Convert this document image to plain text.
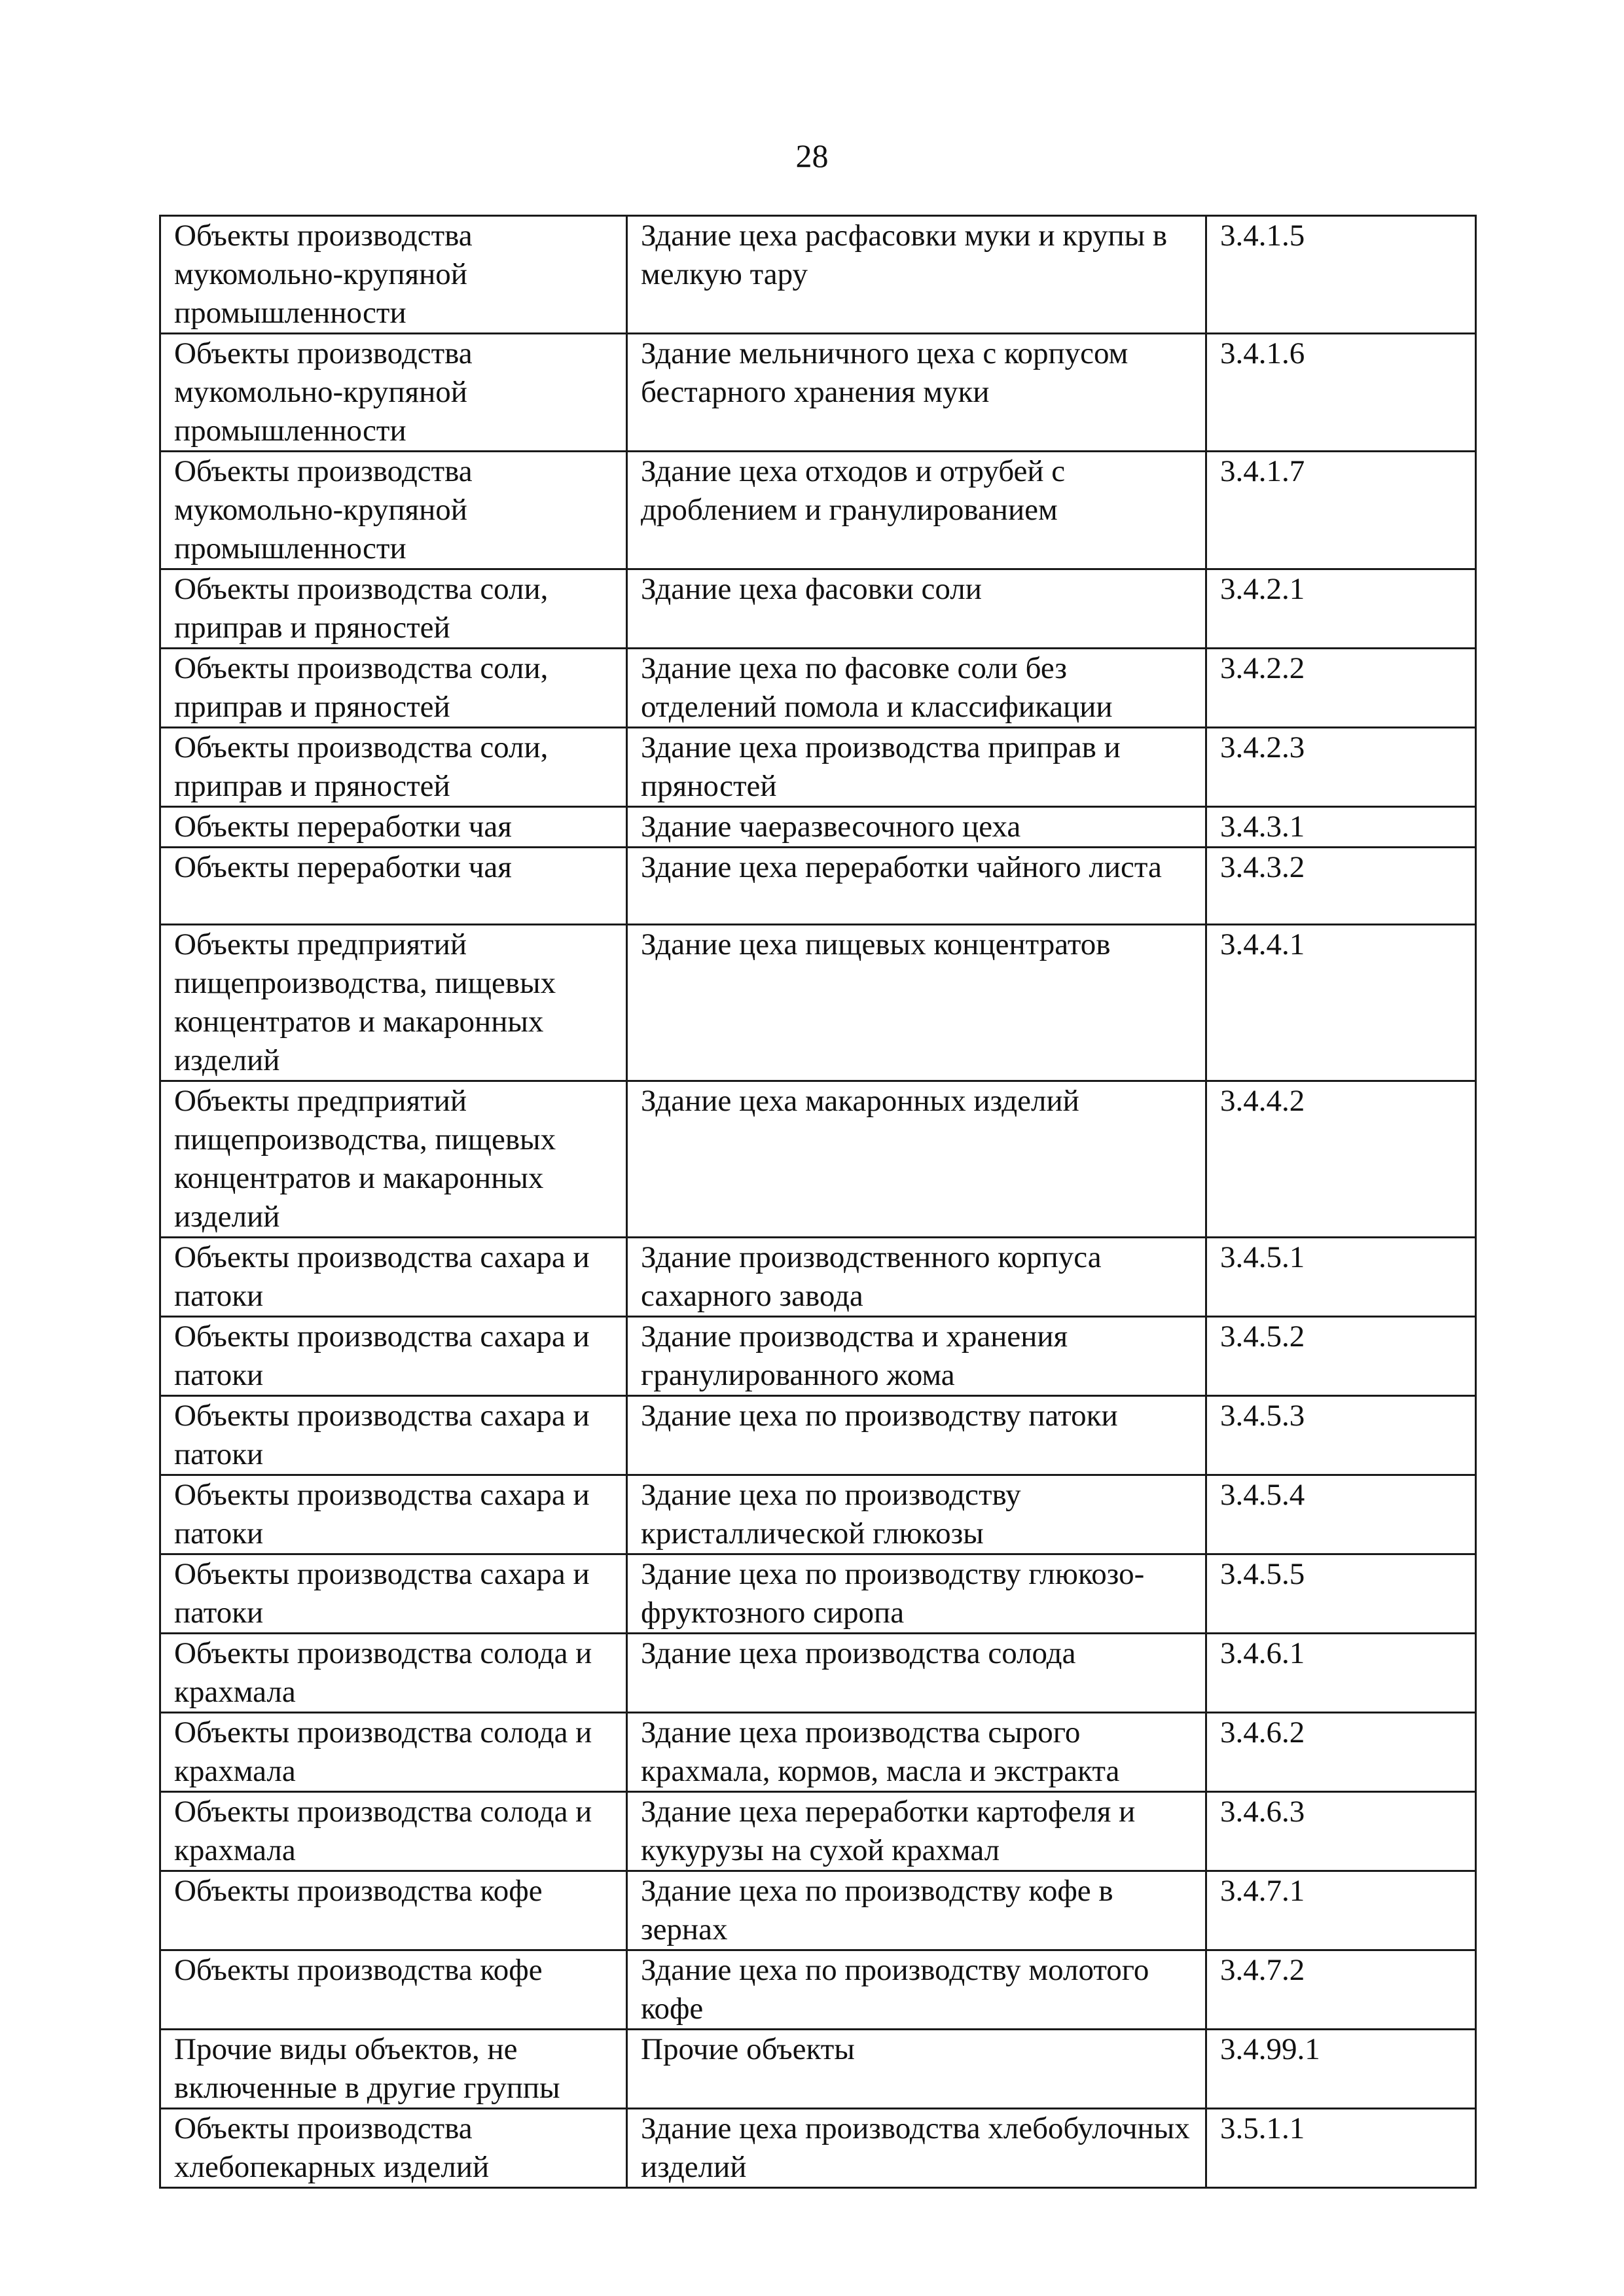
28
Объекты производства мукомольно-крупяной промышленности	Здание цеха расфасовки муки и крупы в мелкую тару	3.4.1.5
Объекты производства мукомольно-крупяной промышленности	Здание мельничного цеха с корпусом бестарного хранения муки	3.4.1.6
Объекты производства мукомольно-крупяной промышленности	Здание цеха отходов и отрубей с дроблением и гранулированием	3.4.1.7
Объекты производства соли, приправ и пряностей	Здание цеха фасовки соли	3.4.2.1
Объекты производства соли, приправ и пряностей	Здание цеха по фасовке соли без отделений помола и классификации	3.4.2.2
Объекты производства соли, приправ и пряностей	Здание цеха производства приправ и пряностей	3.4.2.3
Объекты переработки чая	Здание чаеразвесочного цеха	3.4.3.1
Объекты переработки чая	Здание цеха переработки чайного листа	3.4.3.2
Объекты предприятий пищепроизводства, пищевых концентратов и макаронных изделий	Здание цеха пищевых концентратов	3.4.4.1
Объекты предприятий пищепроизводства, пищевых концентратов и макаронных изделий	Здание цеха макаронных изделий	3.4.4.2
Объекты производства сахара и патоки	Здание производственного корпуса сахарного завода	3.4.5.1
Объекты производства сахара и патоки	Здание производства и хранения гранулированного жома	3.4.5.2
Объекты производства сахара и патоки	Здание цеха по производству патоки	3.4.5.3
Объекты производства сахара и патоки	Здание цеха по производству кристаллической глюкозы	3.4.5.4
Объекты производства сахара и патоки	Здание цеха по производству глюкозо-фруктозного сиропа	3.4.5.5
Объекты производства солода и крахмала	Здание цеха производства солода	3.4.6.1
Объекты производства солода и крахмала	Здание цеха производства сырого крахмала, кормов, масла и экстракта	3.4.6.2
Объекты производства солода и крахмала	Здание цеха переработки картофеля и кукурузы на сухой крахмал	3.4.6.3
Объекты производства кофе	Здание цеха по производству кофе в зернах	3.4.7.1
Объекты производства кофе	Здание цеха по производству молотого кофе	3.4.7.2
Прочие виды объектов, не включенные в другие группы	Прочие объекты	3.4.99.1
Объекты производства хлебопекарных изделий	Здание цеха производства хлебобулочных изделий	3.5.1.1
